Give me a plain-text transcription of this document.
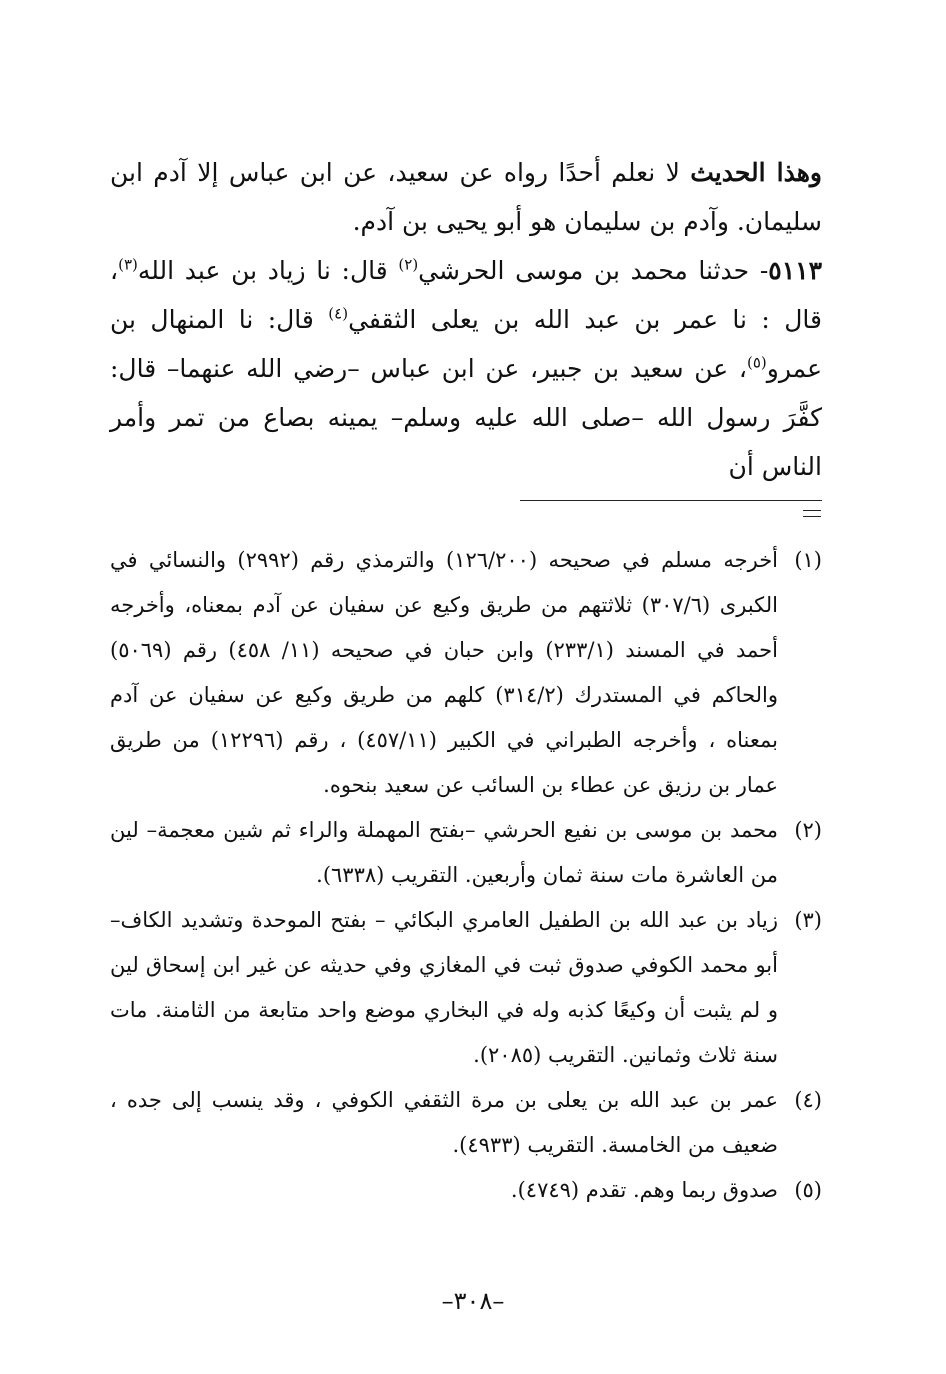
وهذا الحديث لا نعلم أحدًا رواه عن سعيد، عن ابن عباس إلا آدم ابن سليمان. وآدم بن سليمان هو أبو يحيى بن آدم.

٥١١٣- حدثنا محمد بن موسى الحرشي$^{(٢)}$ قال: نا زياد بن عبد الله$^{(٣)}$، قال : نا عمر بن عبد الله بن يعلى الثقفي$^{(٤)}$ قال: نا المنهال بن عمرو$^{(٥)}$، عن سعيد بن جبير، عن ابن عباس –رضي الله عنهما– قال: كفَّرَ رسول الله –صلى الله عليه وسلم– يمينه بصاع من تمر وأمر الناس أن

(١)
أخرجه مسلم في صحيحه (١٢٦/٢٠٠) والترمذي رقم (٢٩٩٢) والنسائي في الكبرى (٣٠٧/٦) ثلاثتهم من طريق وكيع عن سفيان عن آدم بمعناه، وأخرجه أحمد في المسند (٢٣٣/١) وابن حبان في صحيحه (١١/ ٤٥٨) رقم (٥٠٦٩) والحاكم في المستدرك (٣١٤/٢) كلهم من طريق وكيع عن سفيان عن آدم بمعناه ، وأخرجه الطبراني في الكبير (٤٥٧/١١) ، رقم (١٢٢٩٦) من طريق عمار بن رزيق عن عطاء بن السائب عن سعيد بنحوه.
(٢)
محمد بن موسى بن نفيع الحرشي –بفتح المهملة والراء ثم شين معجمة– لين من العاشرة مات سنة ثمان وأربعين. التقريب (٦٣٣٨).
(٣)
زياد بن عبد الله بن الطفيل العامري البكائي – بفتح الموحدة وتشديد الكاف– أبو محمد الكوفي صدوق ثبت في المغازي وفي حديثه عن غير ابن إسحاق لين و لم يثبت أن وكيعًا كذبه وله في البخاري موضع واحد متابعة من الثامنة. مات سنة ثلاث وثمانين. التقريب (٢٠٨٥).
(٤)
عمر بن عبد الله بن يعلى بن مرة الثقفي الكوفي ، وقد ينسب إلى جده ، ضعيف من الخامسة. التقريب (٤٩٣٣).
(٥)
صدوق ربما وهم. تقدم (٤٧٤٩).
–٣٠٨–
